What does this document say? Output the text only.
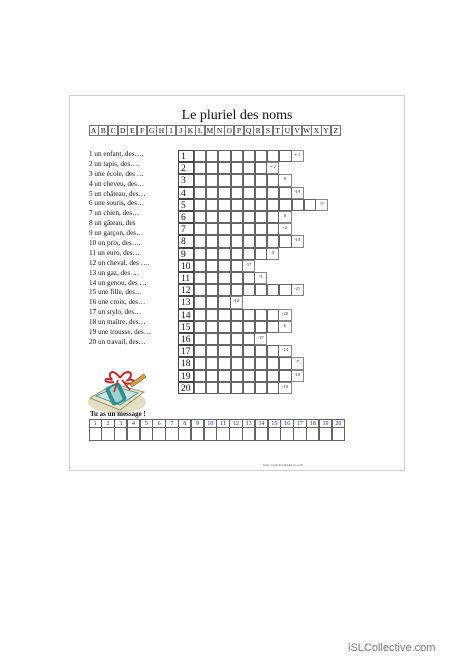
Le pluriel des noms
A B C D E F G H I J K L M N O P Q R S T U V W X Y Z
1 un enfant, des….
2 un tapis, des….
3 une école, des …
4 un cheveu, des…
5 un château, des…
6 une souris, des…
7 un chien, des…
8 un gâteau, des
9 un garçon, des…
10 un prix, des….
11 un euro, des…
12 un cheval, des ….
13 un gaz, des …
14 un genou, des …
15 une fille, des…
16 une croix, des…
17 un stylo, des…
18 un maître, des…
19 une trousse, des…
20 un travail, des…
1	= 1
2	= 2
3	0
4	-19
5	-5
6	0
7	-2
8	-10
9	0
10	-17
11	-1
12	-21
13	-12
14	-20
15	6
16	-17
17	-14
18	-7
19	-10
20	-19
Tu as un message !
1	2	3	4	5	6	7	8	9	10	11	12	13	14	15	16	17	18	19	20
http://ouiboire.skiablog.com
iSLCollective.com
